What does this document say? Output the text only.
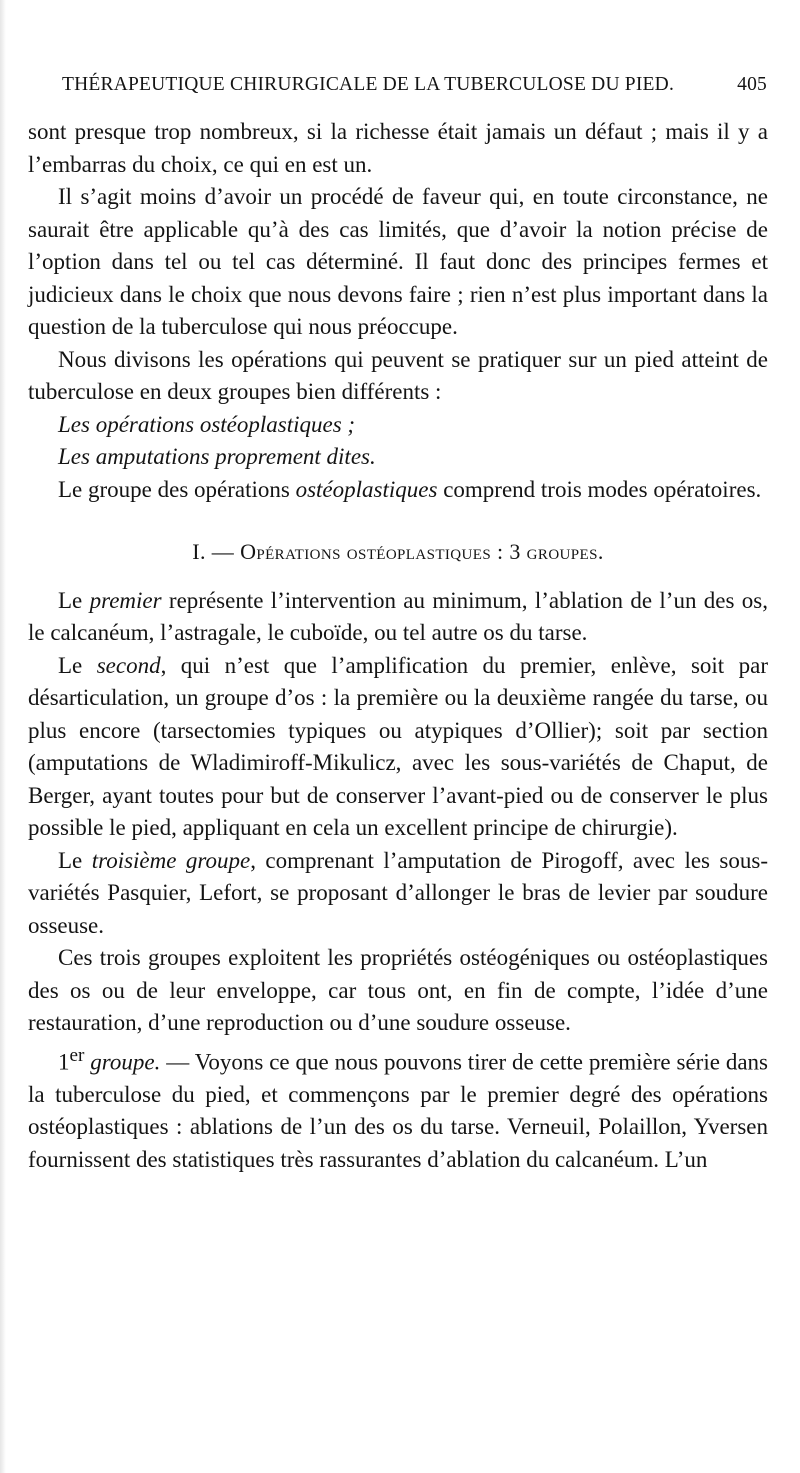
THÉRAPEUTIQUE CHIRURGICALE DE LA TUBERCULOSE DU PIED.	405

sont presque trop nombreux, si la richesse était jamais un défaut ; mais il y a l’embarras du choix, ce qui en est un.

Il s’agit moins d’avoir un procédé de faveur qui, en toute circonstance, ne saurait être applicable qu’à des cas limités, que d’avoir la notion précise de l’option dans tel ou tel cas déterminé. Il faut donc des principes fermes et judicieux dans le choix que nous devons faire ; rien n’est plus important dans la question de la tuberculose qui nous préoccupe.

Nous divisons les opérations qui peuvent se pratiquer sur un pied atteint de tuberculose en deux groupes bien différents :

Les opérations ostéoplastiques ;

Les amputations proprement dites.

Le groupe des opérations ostéoplastiques comprend trois modes opératoires.

I. — Opérations ostéoplastiques : 3 groupes.

Le premier représente l’intervention au minimum, l’ablation de l’un des os, le calcanéum, l’astragale, le cuboïde, ou tel autre os du tarse.

Le second, qui n’est que l’amplification du premier, enlève, soit par désarticulation, un groupe d’os : la première ou la deuxième rangée du tarse, ou plus encore (tarsectomies typiques ou atypiques d’Ollier); soit par section (amputations de Wladimiroff-Mikulicz, avec les sous-variétés de Chaput, de Berger, ayant toutes pour but de conserver l’avant-pied ou de conserver le plus possible le pied, appliquant en cela un excellent principe de chirurgie).

Le troisième groupe, comprenant l’amputation de Pirogoff, avec les sous-variétés Pasquier, Lefort, se proposant d’allonger le bras de levier par soudure osseuse.

Ces trois groupes exploitent les propriétés ostéogéniques ou ostéoplastiques des os ou de leur enveloppe, car tous ont, en fin de compte, l’idée d’une restauration, d’une reproduction ou d’une soudure osseuse.

1er groupe. — Voyons ce que nous pouvons tirer de cette première série dans la tuberculose du pied, et commençons par le premier degré des opérations ostéoplastiques : ablations de l’un des os du tarse. Verneuil, Polaillon, Yversen fournissent des statistiques très rassurantes d’ablation du calcanéum. L’un
